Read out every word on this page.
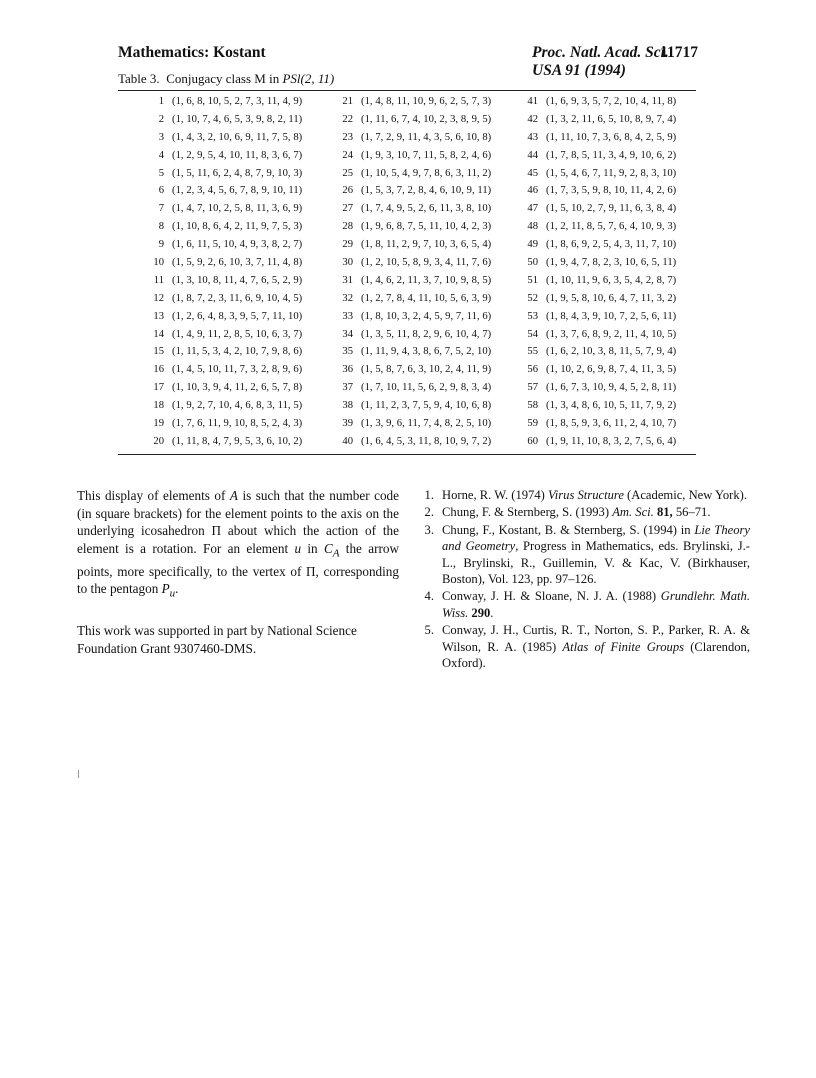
Mathematics: Kostant	Proc. Natl. Acad. Sci. USA 91 (1994)
11717
Table 3. Conjugacy class M in PSl(2, 11)
1 (1, 6, 8, 10, 5, 2, 7, 3, 11, 4, 9)
2 (1, 10, 7, 4, 6, 5, 3, 9, 8, 2, 11)
3 (1, 4, 3, 2, 10, 6, 9, 11, 7, 5, 8)
4 (1, 2, 9, 5, 4, 10, 11, 8, 3, 6, 7)
5 (1, 5, 11, 6, 2, 4, 8, 7, 9, 10, 3)
6 (1, 2, 3, 4, 5, 6, 7, 8, 9, 10, 11)
7 (1, 4, 7, 10, 2, 5, 8, 11, 3, 6, 9)
8 (1, 10, 8, 6, 4, 2, 11, 9, 7, 5, 3)
9 (1, 6, 11, 5, 10, 4, 9, 3, 8, 2, 7)
10 (1, 5, 9, 2, 6, 10, 3, 7, 11, 4, 8)
11 (1, 3, 10, 8, 11, 4, 7, 6, 5, 2, 9)
12 (1, 8, 7, 2, 3, 11, 6, 9, 10, 4, 5)
13 (1, 2, 6, 4, 8, 3, 9, 5, 7, 11, 10)
14 (1, 4, 9, 11, 2, 8, 5, 10, 6, 3, 7)
15 (1, 11, 5, 3, 4, 2, 10, 7, 9, 8, 6)
16 (1, 4, 5, 10, 11, 7, 3, 2, 8, 9, 6)
17 (1, 10, 3, 9, 4, 11, 2, 6, 5, 7, 8)
18 (1, 9, 2, 7, 10, 4, 6, 8, 3, 11, 5)
19 (1, 7, 6, 11, 9, 10, 8, 5, 2, 4, 3)
20 (1, 11, 8, 4, 7, 9, 5, 3, 6, 10, 2)
21 (1, 4, 8, 11, 10, 9, 6, 2, 5, 7, 3)
22 (1, 11, 6, 7, 4, 10, 2, 3, 8, 9, 5)
23 (1, 7, 2, 9, 11, 4, 3, 5, 6, 10, 8)
24 (1, 9, 3, 10, 7, 11, 5, 8, 2, 4, 6)
25 (1, 10, 5, 4, 9, 7, 8, 6, 3, 11, 2)
26 (1, 5, 3, 7, 2, 8, 4, 6, 10, 9, 11)
27 (1, 7, 4, 9, 5, 2, 6, 11, 3, 8, 10)
28 (1, 9, 6, 8, 7, 5, 11, 10, 4, 2, 3)
29 (1, 8, 11, 2, 9, 7, 10, 3, 6, 5, 4)
30 (1, 2, 10, 5, 8, 9, 3, 4, 11, 7, 6)
31 (1, 4, 6, 2, 11, 3, 7, 10, 9, 8, 5)
32 (1, 2, 7, 8, 4, 11, 10, 5, 6, 3, 9)
33 (1, 8, 10, 3, 2, 4, 5, 9, 7, 11, 6)
34 (1, 3, 5, 11, 8, 2, 9, 6, 10, 4, 7)
35 (1, 11, 9, 4, 3, 8, 6, 7, 5, 2, 10)
36 (1, 5, 8, 7, 6, 3, 10, 2, 4, 11, 9)
37 (1, 7, 10, 11, 5, 6, 2, 9, 8, 3, 4)
38 (1, 11, 2, 3, 7, 5, 9, 4, 10, 6, 8)
39 (1, 3, 9, 6, 11, 7, 4, 8, 2, 5, 10)
40 (1, 6, 4, 5, 3, 11, 8, 10, 9, 7, 2)
41 (1, 6, 9, 3, 5, 7, 2, 10, 4, 11, 8)
42 (1, 3, 2, 11, 6, 5, 10, 8, 9, 7, 4)
43 (1, 11, 10, 7, 3, 6, 8, 4, 2, 5, 9)
44 (1, 7, 8, 5, 11, 3, 4, 9, 10, 6, 2)
45 (1, 5, 4, 6, 7, 11, 9, 2, 8, 3, 10)
46 (1, 7, 3, 5, 9, 8, 10, 11, 4, 2, 6)
47 (1, 5, 10, 2, 7, 9, 11, 6, 3, 8, 4)
48 (1, 2, 11, 8, 5, 7, 6, 4, 10, 9, 3)
49 (1, 8, 6, 9, 2, 5, 4, 3, 11, 7, 10)
50 (1, 9, 4, 7, 8, 2, 3, 10, 6, 5, 11)
51 (1, 10, 11, 9, 6, 3, 5, 4, 2, 8, 7)
52 (1, 9, 5, 8, 10, 6, 4, 7, 11, 3, 2)
53 (1, 8, 4, 3, 9, 10, 7, 2, 5, 6, 11)
54 (1, 3, 7, 6, 8, 9, 2, 11, 4, 10, 5)
55 (1, 6, 2, 10, 3, 8, 11, 5, 7, 9, 4)
56 (1, 10, 2, 6, 9, 8, 7, 4, 11, 3, 5)
57 (1, 6, 7, 3, 10, 9, 4, 5, 2, 8, 11)
58 (1, 3, 4, 8, 6, 10, 5, 11, 7, 9, 2)
59 (1, 8, 5, 9, 3, 6, 11, 2, 4, 10, 7)
60 (1, 9, 11, 10, 8, 3, 2, 7, 5, 6, 4)
This display of elements of A is such that the number code (in square brackets) for the element points to the axis on the underlying icosahedron Π about which the action of the element is a rotation. For an element u in $C_A$ the arrow points, more specifically, to the vertex of Π, corresponding to the pentagon $P_u$.
This work was supported in part by National Science Foundation Grant 9307460-DMS.
1. Horne, R. W. (1974) Virus Structure (Academic, New York).
2. Chung, F. & Sternberg, S. (1993) Am. Sci. 81, 56–71.
3. Chung, F., Kostant, B. & Sternberg, S. (1994) in Lie Theory and Geometry, Progress in Mathematics, eds. Brylinski, J.-L., Brylinski, R., Guillemin, V. & Kac, V. (Birkhauser, Boston), Vol. 123, pp. 97–126.
4. Conway, J. H. & Sloane, N. J. A. (1988) Grundlehr. Math. Wiss. 290.
5. Conway, J. H., Curtis, R. T., Norton, S. P., Parker, R. A. & Wilson, R. A. (1985) Atlas of Finite Groups (Clarendon, Oxford).
